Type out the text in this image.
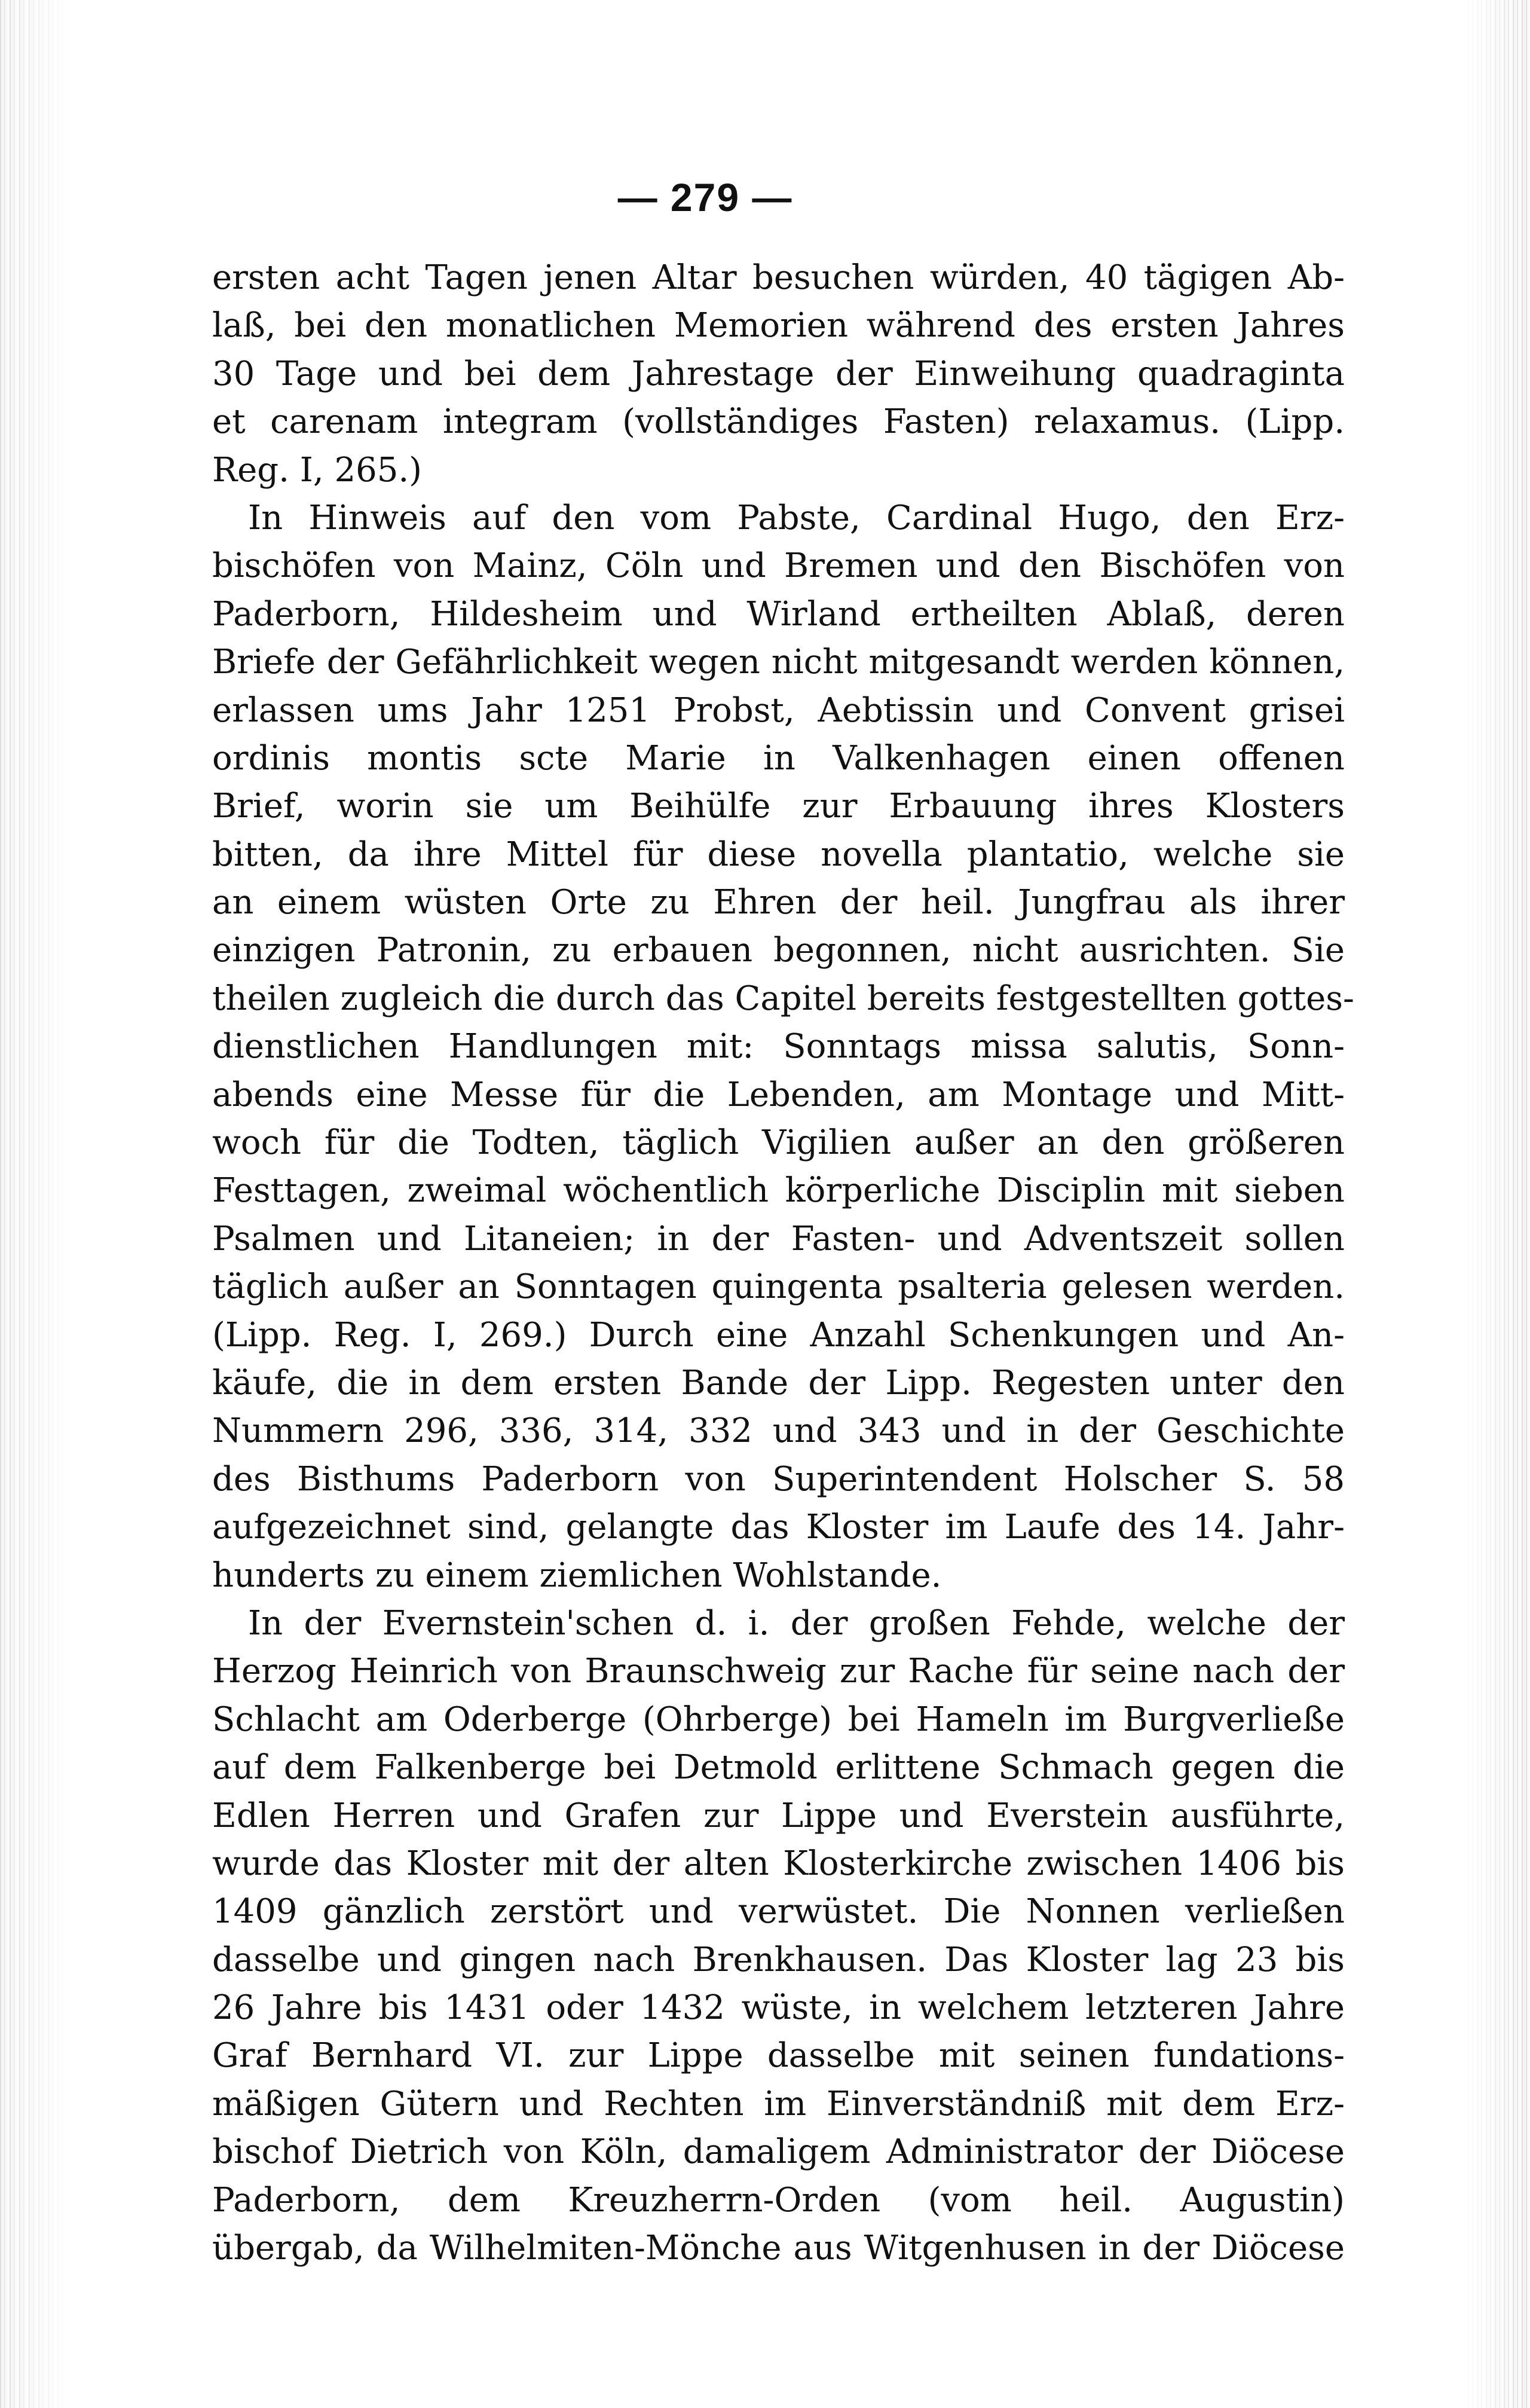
— 279 —
ersten acht Tagen jenen Altar besuchen würden, 40 tägigen Ab-
laß, bei den monatlichen Memorien während des ersten Jahres
30 Tage und bei dem Jahrestage der Einweihung quadraginta
et carenam integram (vollständiges Fasten) relaxamus. (Lipp.
Reg. I, 265.)
In Hinweis auf den vom Pabste, Cardinal Hugo, den Erz-
bischöfen von Mainz, Cöln und Bremen und den Bischöfen von
Paderborn, Hildesheim und Wirland ertheilten Ablaß, deren
Briefe der Gefährlichkeit wegen nicht mitgesandt werden können,
erlassen ums Jahr 1251 Probst, Aebtissin und Convent grisei
ordinis montis scte Marie in Valkenhagen einen offenen
Brief, worin sie um Beihülfe zur Erbauung ihres Klosters
bitten, da ihre Mittel für diese novella plantatio, welche sie
an einem wüsten Orte zu Ehren der heil. Jungfrau als ihrer
einzigen Patronin, zu erbauen begonnen, nicht ausrichten. Sie
theilen zugleich die durch das Capitel bereits festgestellten gottes-
dienstlichen Handlungen mit: Sonntags missa salutis, Sonn-
abends eine Messe für die Lebenden, am Montage und Mitt-
woch für die Todten, täglich Vigilien außer an den größeren
Festtagen, zweimal wöchentlich körperliche Disciplin mit sieben
Psalmen und Litaneien; in der Fasten- und Adventszeit sollen
täglich außer an Sonntagen quingenta psalteria gelesen werden.
(Lipp. Reg. I, 269.) Durch eine Anzahl Schenkungen und An-
käufe, die in dem ersten Bande der Lipp. Regesten unter den
Nummern 296, 336, 314, 332 und 343 und in der Geschichte
des Bisthums Paderborn von Superintendent Holscher S. 58
aufgezeichnet sind, gelangte das Kloster im Laufe des 14. Jahr-
hunderts zu einem ziemlichen Wohlstande.
In der Evernstein'schen d. i. der großen Fehde, welche der
Herzog Heinrich von Braunschweig zur Rache für seine nach der
Schlacht am Oderberge (Ohrberge) bei Hameln im Burgverließe
auf dem Falkenberge bei Detmold erlittene Schmach gegen die
Edlen Herren und Grafen zur Lippe und Everstein ausführte,
wurde das Kloster mit der alten Klosterkirche zwischen 1406 bis
1409 gänzlich zerstört und verwüstet. Die Nonnen verließen
dasselbe und gingen nach Brenkhausen. Das Kloster lag 23 bis
26 Jahre bis 1431 oder 1432 wüste, in welchem letzteren Jahre
Graf Bernhard VI. zur Lippe dasselbe mit seinen fundations-
mäßigen Gütern und Rechten im Einverständniß mit dem Erz-
bischof Dietrich von Köln, damaligem Administrator der Diöcese
Paderborn, dem Kreuzherrn-Orden (vom heil. Augustin)
übergab, da Wilhelmiten-Mönche aus Witgenhusen in der Diöcese
